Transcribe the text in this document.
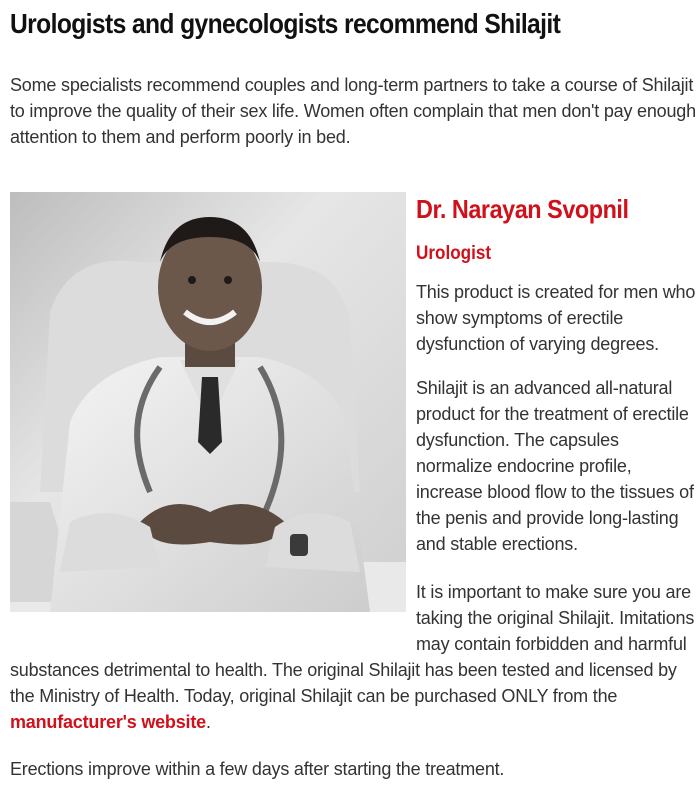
Urologists and gynecologists recommend Shilajit

Some specialists recommend couples and long-term partners to take a course of Shilajit to improve the quality of their sex life. Women often complain that men don't pay enough attention to them and perform poorly in bed.

Dr. Narayan Svopnil
Urologist

This product is created for men who show symptoms of erectile dysfunction of varying degrees.

Shilajit is an advanced all-natural product for the treatment of erectile dysfunction. The capsules normalize endocrine profile, increase blood flow to the tissues of the penis and provide long-lasting and stable erections.

It is important to make sure you are taking the original Shilajit. Imitations may contain forbidden and harmful

substances detrimental to health. The original Shilajit has been tested and licensed by the Ministry of Health. Today, original Shilajit can be purchased ONLY from the manufacturer's website.

Erections improve within a few days after starting the treatment.
